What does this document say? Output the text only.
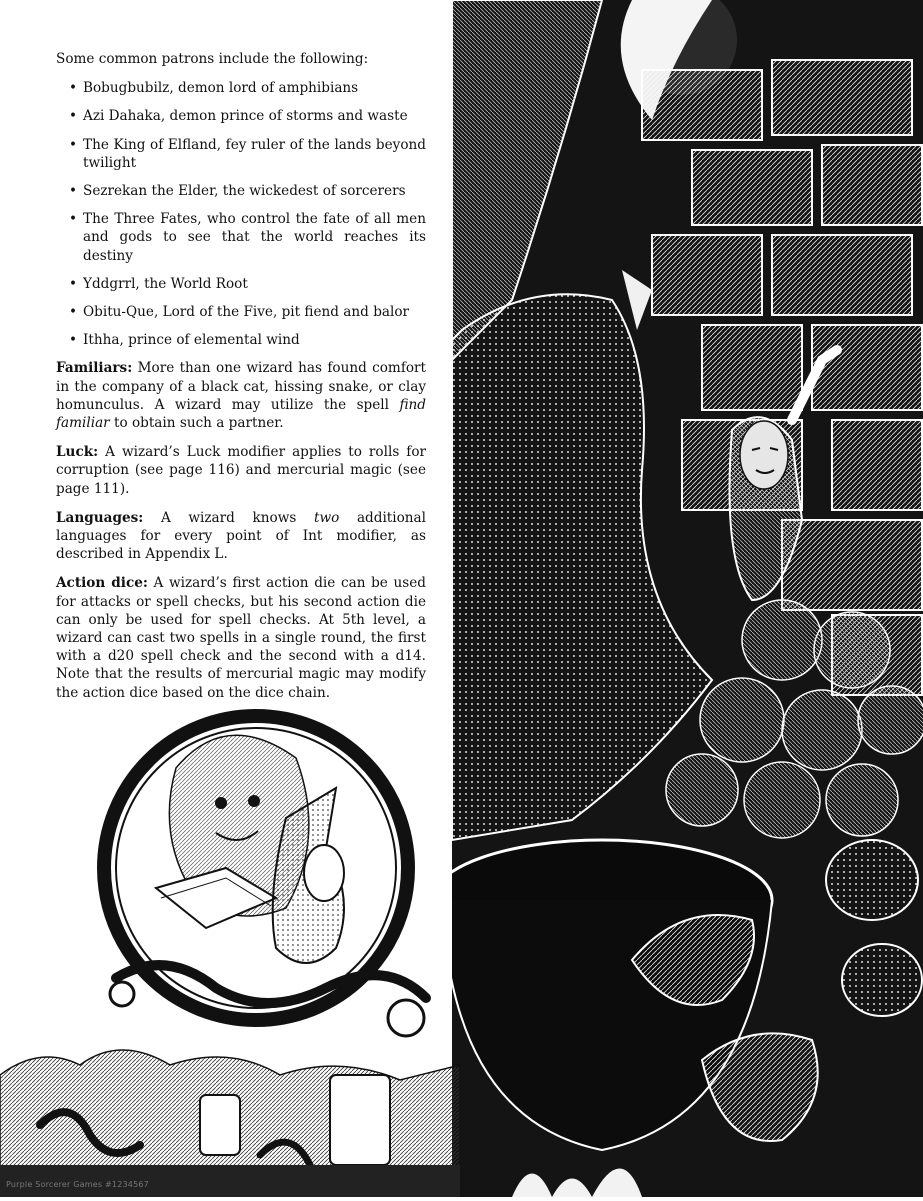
Some common patrons include the following:

• Bobugbubilz, demon lord of amphibians
• Azi Dahaka, demon prince of storms and waste
• The King of Elfland, fey ruler of the lands beyond twilight
• Sezrekan the Elder, the wickedest of sorcerers
• The Three Fates, who control the fate of all men and gods to see that the world reaches its destiny
• Yddgrrl, the World Root
• Obitu-Que, Lord of the Five, pit fiend and balor
• Ithha, prince of elemental wind

Familiars: More than one wizard has found comfort in the company of a black cat, hissing snake, or clay homunculus. A wizard may utilize the spell find familiar to obtain such a partner.

Luck: A wizard’s Luck modifier applies to rolls for corruption (see page 116) and mercurial magic (see page 111).

Languages: A wizard knows two additional languages for every point of Int modifier, as described in Appendix L.

Action dice: A wizard’s first action die can be used for attacks or spell checks, but his second action die can only be used for spell checks. At 5th level, a wizard can cast two spells in a single round, the first with a d20 spell check and the second with a d14. Note that the results of mercurial magic may modify the action dice based on the dice chain.

Purple Sorcerer Games #1234567
